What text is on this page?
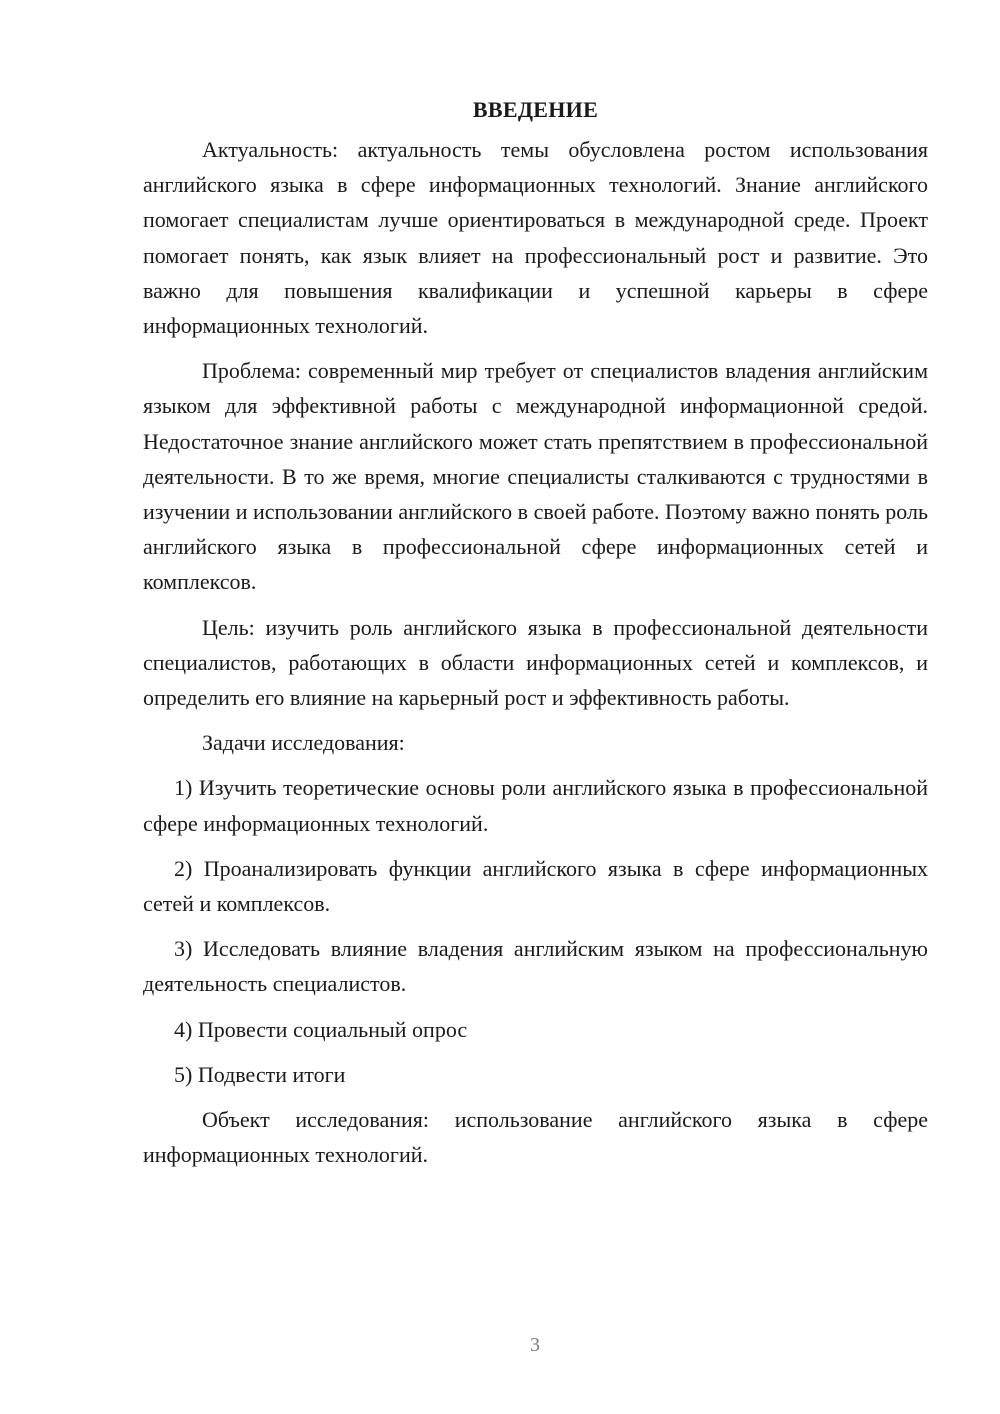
ВВЕДЕНИЕ

Актуальность: актуальность темы обусловлена ростом использования английского языка в сфере информационных технологий. Знание английского помогает специалистам лучше ориентироваться в международной среде. Проект помогает понять, как язык влияет на профессиональный рост и развитие. Это важно для повышения квалификации и успешной карьеры в сфере информационных технологий.

Проблема: современный мир требует от специалистов владения английским языком для эффективной работы с международной информационной средой. Недостаточное знание английского может стать препятствием в профессиональной деятельности. В то же время, многие специалисты сталкиваются с трудностями в изучении и использовании английского в своей работе. Поэтому важно понять роль английского языка в профессиональной сфере информационных сетей и комплексов.

Цель: изучить роль английского языка в профессиональной деятельности специалистов, работающих в области информационных сетей и комплексов, и определить его влияние на карьерный рост и эффективность работы.

Задачи исследования:

1) Изучить теоретические основы роли английского языка в профессиональной сфере информационных технологий.

2) Проанализировать функции английского языка в сфере информационных сетей и комплексов.

3) Исследовать влияние владения английским языком на профессиональную деятельность специалистов.

4) Провести социальный опрос

5) Подвести итоги

Объект исследования: использование английского языка в сфере информационных технологий.

3
